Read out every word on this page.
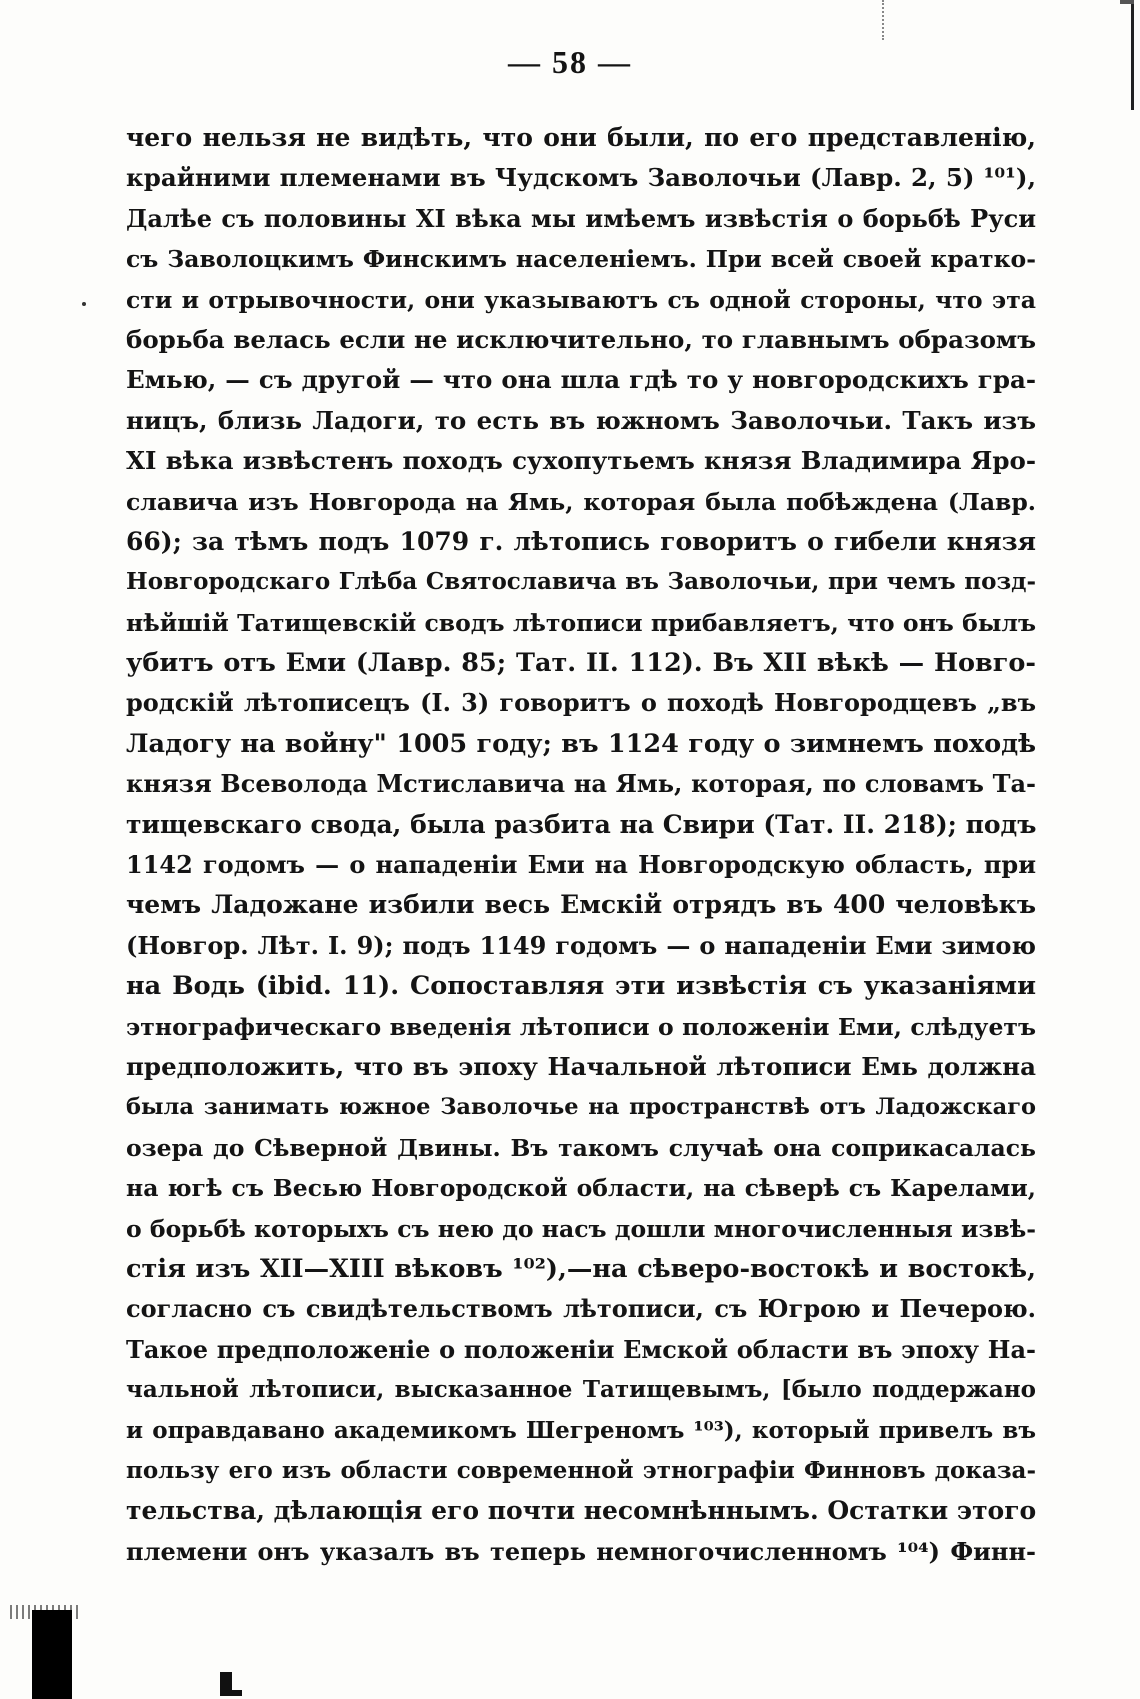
— 58 —
чего нельзя не видѣть, что они были, по его представленію,
крайними племенами въ Чудскомъ Заволочьи (Лавр. 2, 5) ¹⁰¹),
Далѣе съ половины XI вѣка мы имѣемъ извѣстія о борьбѣ Руси
съ Заволоцкимъ Финскимъ населеніемъ. При всей своей кратко-
сти и отрывочности, они указываютъ съ одной стороны, что эта
борьба велась если не исключительно, то главнымъ образомъ
Емью, — съ другой — что она шла гдѣ то у новгородскихъ гра-
ницъ, близь Ладоги, то есть въ южномъ Заволочьи. Такъ изъ
XI вѣка извѣстенъ походъ сухопутьемъ князя Владимира Яро-
славича изъ Новгорода на Ямь, которая была побѣждена (Лавр.
66); за тѣмъ подъ 1079 г. лѣтопись говоритъ о гибели князя
Новгородскаго Глѣба Святославича въ Заволочьи, при чемъ позд-
нѣйшій Татищевскій сводъ лѣтописи прибавляетъ, что онъ былъ
убитъ отъ Еми (Лавр. 85; Тат. II. 112). Въ XII вѣкѣ — Новго-
родскій лѣтописецъ (I. 3) говоритъ о походѣ Новгородцевъ „въ
Ладогу на войну" 1005 году; въ 1124 году о зимнемъ походѣ
князя Всеволода Мстиславича на Ямь, которая, по словамъ Та-
тищевскаго свода, была разбита на Свири (Тат. II. 218); подъ
1142 годомъ — о нападеніи Еми на Новгородскую область, при
чемъ Ладожане избили весь Емскій отрядъ въ 400 человѣкъ
(Новгор. Лѣт. I. 9); подъ 1149 годомъ — о нападеніи Еми зимою
на Водь (ibid. 11). Сопоставляя эти извѣстія съ указаніями
этнографическаго введенія лѣтописи о положеніи Еми, слѣдуетъ
предположить, что въ эпоху Начальной лѣтописи Емь должна
была занимать южное Заволочье на пространствѣ отъ Ладожскаго
озера до Сѣверной Двины. Въ такомъ случаѣ она соприкасалась
на югѣ съ Весью Новгородской области, на сѣверѣ съ Карелами,
о борьбѣ которыхъ съ нею до насъ дошли многочисленныя извѣ-
стія изъ XII—XIII вѣковъ ¹⁰²),—на сѣверо-востокѣ и востокѣ,
согласно съ свидѣтельствомъ лѣтописи, съ Югрою и Печерою.
Такое предположеніе о положеніи Емской области въ эпоху На-
чальной лѣтописи, высказанное Татищевымъ, [было поддержано
и оправдавано академикомъ Шегреномъ ¹⁰³), который привелъ въ
пользу его изъ области современной этнографіи Финновъ доказа-
тельства, дѣлающія его почти несомнѣннымъ. Остатки этого
племени онъ указалъ въ теперь немногочисленномъ ¹⁰⁴) Финн-
